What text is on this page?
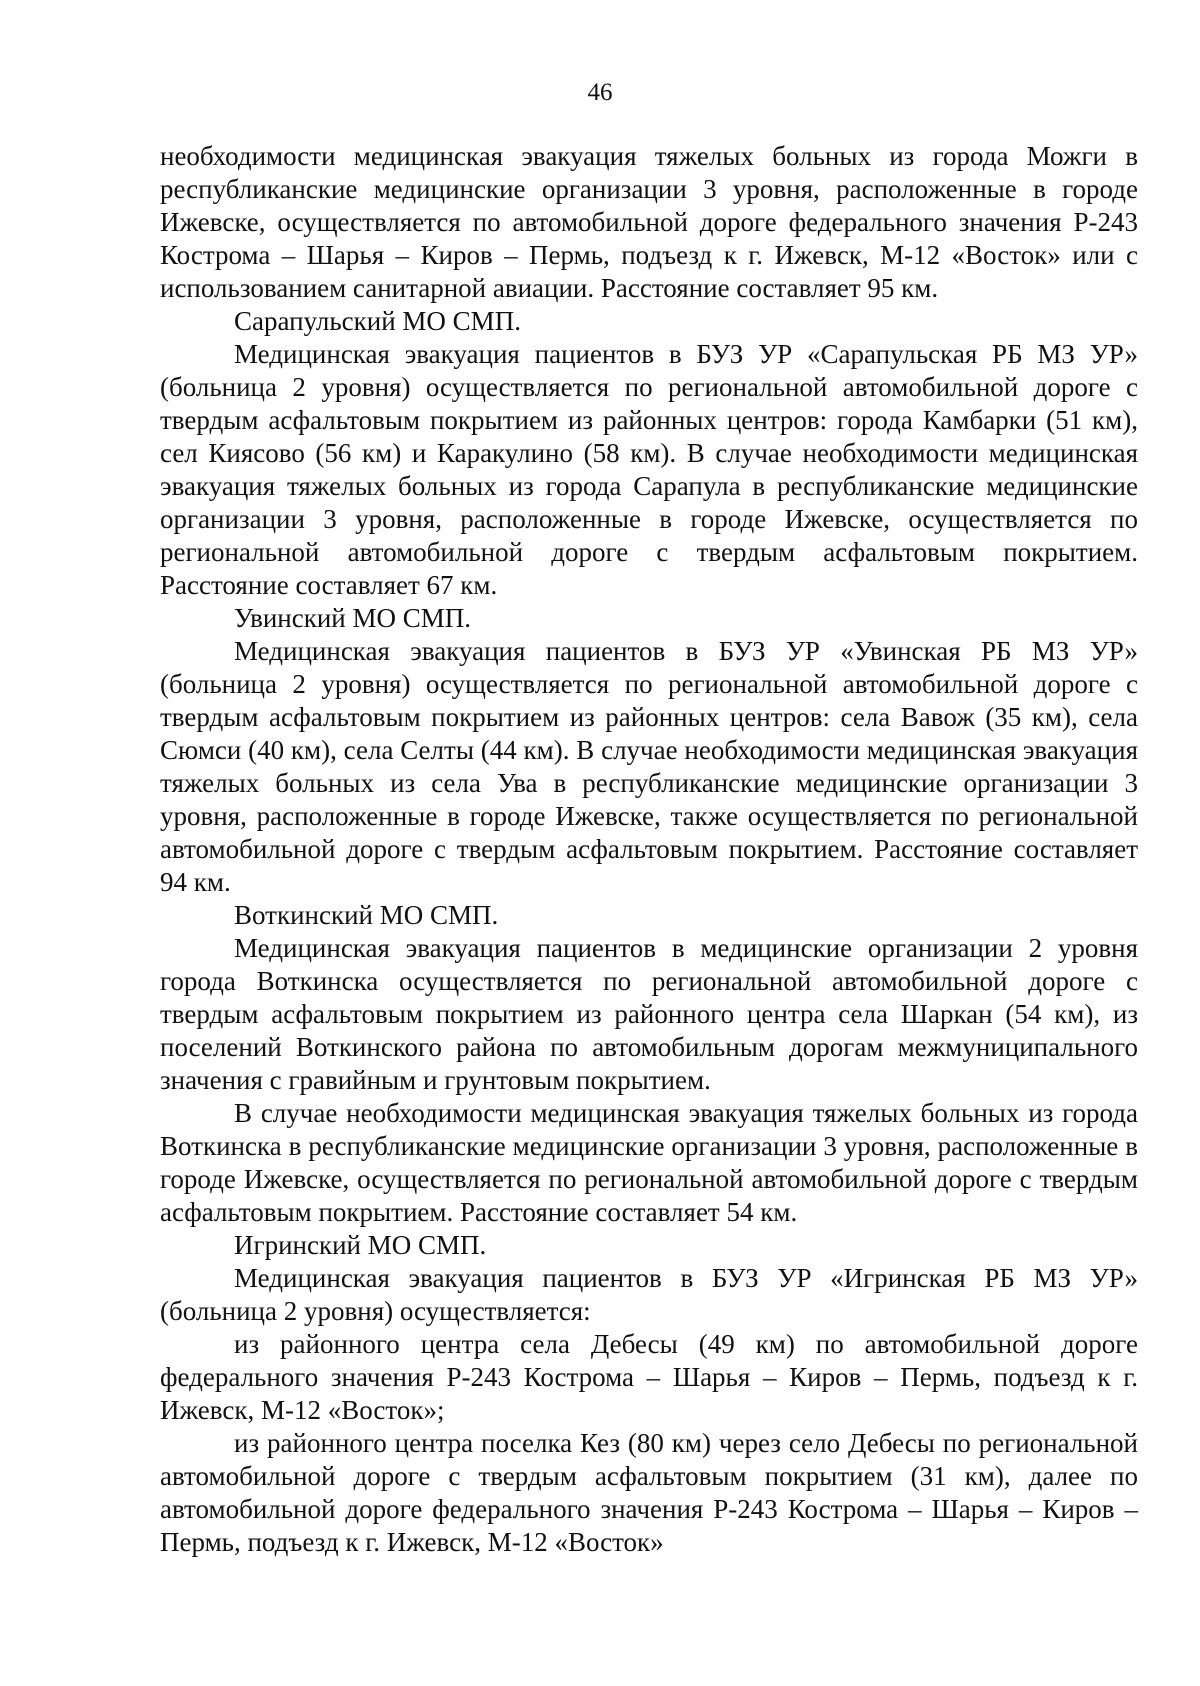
46

необходимости медицинская эвакуация тяжелых больных из города Можги в республиканские медицинские организации 3 уровня, расположенные в городе Ижевске, осуществляется по автомобильной дороге федерального значения Р-243 Кострома – Шарья – Киров – Пермь, подъезд к г. Ижевск, М-12 «Восток» или с использованием санитарной авиации. Расстояние составляет 95 км.

Сарапульский МО СМП.

Медицинская эвакуация пациентов в БУЗ УР «Сарапульская РБ МЗ УР» (больница 2 уровня) осуществляется по региональной автомобильной дороге с твердым асфальтовым покрытием из районных центров: города Камбарки (51 км), сел Киясово (56 км) и Каракулино (58 км). В случае необходимости медицинская эвакуация тяжелых больных из города Сарапула в республиканские медицинские организации 3 уровня, расположенные в городе Ижевске, осуществляется по региональной автомобильной дороге с твердым асфальтовым покрытием. Расстояние составляет 67 км.

Увинский МО СМП.

Медицинская эвакуация пациентов в БУЗ УР «Увинская РБ МЗ УР» (больница 2 уровня) осуществляется по региональной автомобильной дороге с твердым асфальтовым покрытием из районных центров: села Вавож (35 км), села Сюмси (40 км), села Селты (44 км). В случае необходимости медицинская эвакуация тяжелых больных из села Ува в республиканские медицинские организации 3 уровня, расположенные в городе Ижевске, также осуществляется по региональной автомобильной дороге с твердым асфальтовым покрытием. Расстояние составляет 94 км.

Воткинский МО СМП.

Медицинская эвакуация пациентов в медицинские организации 2 уровня города Воткинска осуществляется по региональной автомобильной дороге с твердым асфальтовым покрытием из районного центра села Шаркан (54 км), из поселений Воткинского района по автомобильным дорогам межмуниципального значения с гравийным и грунтовым покрытием.

В случае необходимости медицинская эвакуация тяжелых больных из города Воткинска в республиканские медицинские организации 3 уровня, расположенные в городе Ижевске, осуществляется по региональной автомобильной дороге с твердым асфальтовым покрытием. Расстояние составляет 54 км.

Игринский МО СМП.

Медицинская эвакуация пациентов в БУЗ УР «Игринская РБ МЗ УР» (больница 2 уровня) осуществляется:

из районного центра села Дебесы (49 км) по автомобильной дороге федерального значения Р-243 Кострома – Шарья – Киров – Пермь, подъезд к г. Ижевск, М-12 «Восток»;

из районного центра поселка Кез (80 км) через село Дебесы по региональной автомобильной дороге с твердым асфальтовым покрытием (31 км), далее по автомобильной дороге федерального значения Р-243 Кострома – Шарья – Киров – Пермь, подъезд к г. Ижевск, М-12 «Восток»
